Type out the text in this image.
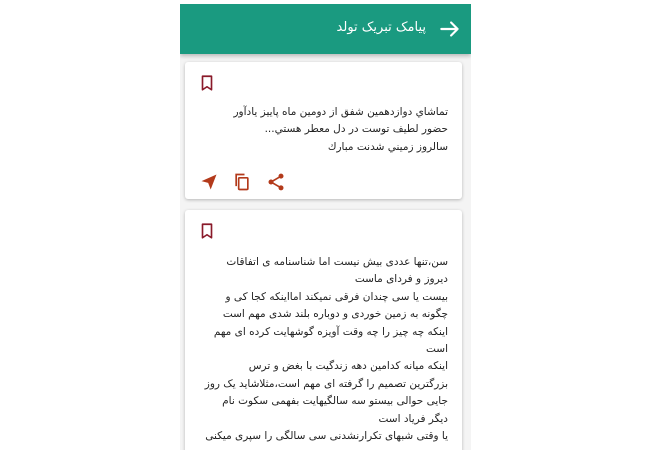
پیامک تبریک تولد
تماشاي دوازدهمين شفق از دومين ماه پاييز يادآور
حضور لطيف توست در دل معطر هستي...
سالروز زميني شدنت مبارك
سن،تنها عددی بیش نیست اما شناسنامه ی اتفاقات
دیروز و فردای ماست
بیست یا سی چندان فرقی نمیکند امااینکه کجا کی و
چگونه به زمین خوردی و دوباره بلند شدی مهم است
اینکه چه چیز را چه وقت آویزه گوشهایت کرده ای مهم
است
اینکه میانه کدامین دهه زندگیت با بغض و ترس
بزرگترین تصمیم را گرفته ای مهم است،مثلاشاید یک روز
جایی حوالی بیستو سه سالگیهایت بفهمی سکوت نام
دیگر فریاد است
یا وقتی شبهای تکرارنشدنی سی سالگی را سپری میکنی
